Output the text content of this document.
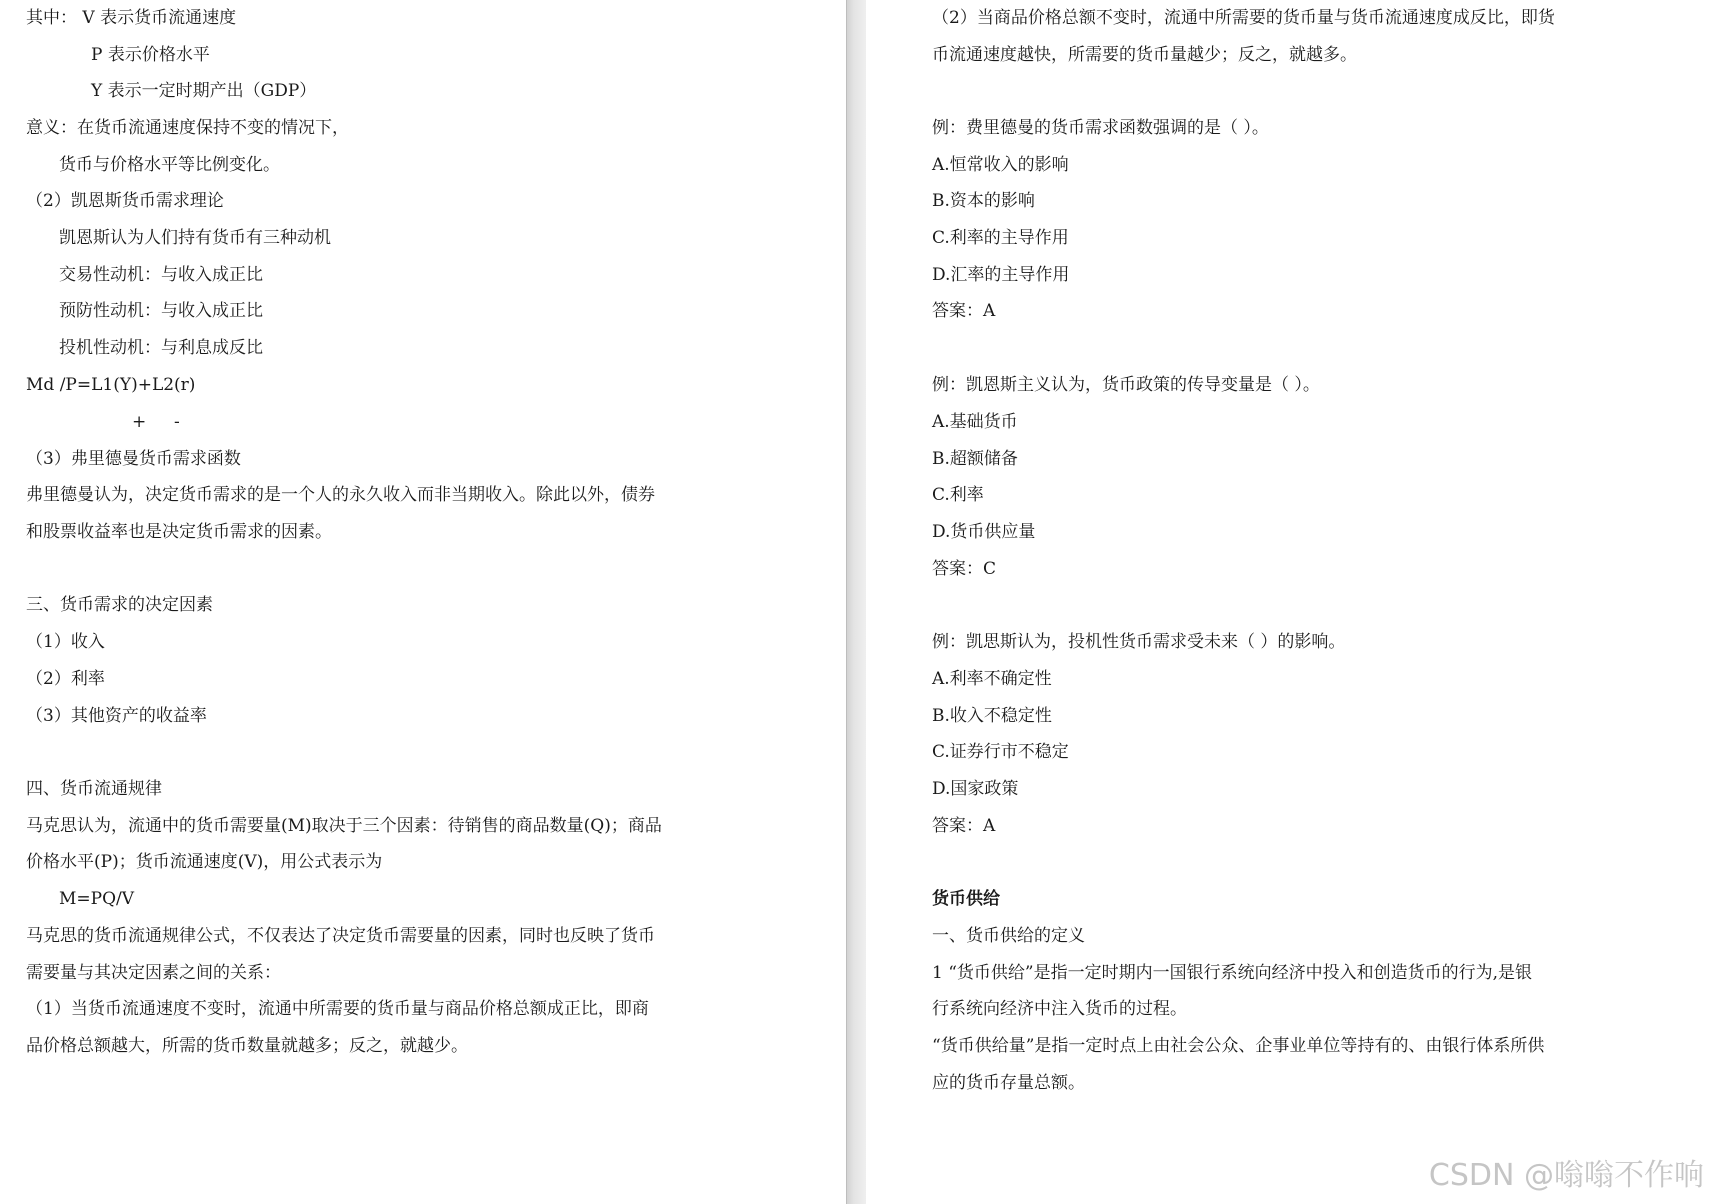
其中： V 表示货币流通速度
P 表示价格水平
Y 表示一定时期产出（GDP）
意义：在货币流通速度保持不变的情况下，
货币与价格水平等比例变化。
（2）凯恩斯货币需求理论
凯恩斯认为人们持有货币有三种动机
交易性动机：与收入成正比
预防性动机：与收入成正比
投机性动机：与利息成反比
Md /P=L1(Y)+L2(r)
+ -
（3）弗里德曼货币需求函数
弗里德曼认为，决定货币需求的是一个人的永久收入而非当期收入。除此以外，债券
和股票收益率也是决定货币需求的因素。
三、货币需求的决定因素
（1）收入
（2）利率
（3）其他资产的收益率
四、货币流通规律
马克思认为，流通中的货币需要量(M)取决于三个因素：待销售的商品数量(Q)；商品
价格水平(P)；货币流通速度(V)，用公式表示为
M=PQ/V
马克思的货币流通规律公式，不仅表达了决定货币需要量的因素，同时也反映了货币
需要量与其决定因素之间的关系：
（1）当货币流通速度不变时，流通中所需要的货币量与商品价格总额成正比，即商
品价格总额越大，所需的货币数量就越多；反之，就越少。
（2）当商品价格总额不变时，流通中所需要的货币量与货币流通速度成反比，即货
币流通速度越快，所需要的货币量越少；反之，就越多。
例：费里德曼的货币需求函数强调的是（ ）。
A.恒常收入的影响
B.资本的影响
C.利率的主导作用
D.汇率的主导作用
答案：A
例：凯恩斯主义认为，货币政策的传导变量是（ ）。
A.基础货币
B.超额储备
C.利率
D.货币供应量
答案：C
例：凯思斯认为，投机性货币需求受未来（ ）的影响。
A.利率不确定性
B.收入不稳定性
C.证券行市不稳定
D.国家政策
答案：A
货币供给
一、货币供给的定义
1 “货币供给”是指一定时期内一国银行系统向经济中投入和创造货币的行为,是银
行系统向经济中注入货币的过程。
“货币供给量”是指一定时点上由社会公众、企事业单位等持有的、由银行体系所供
应的货币存量总额。
CSDN @嗡嗡不作响
